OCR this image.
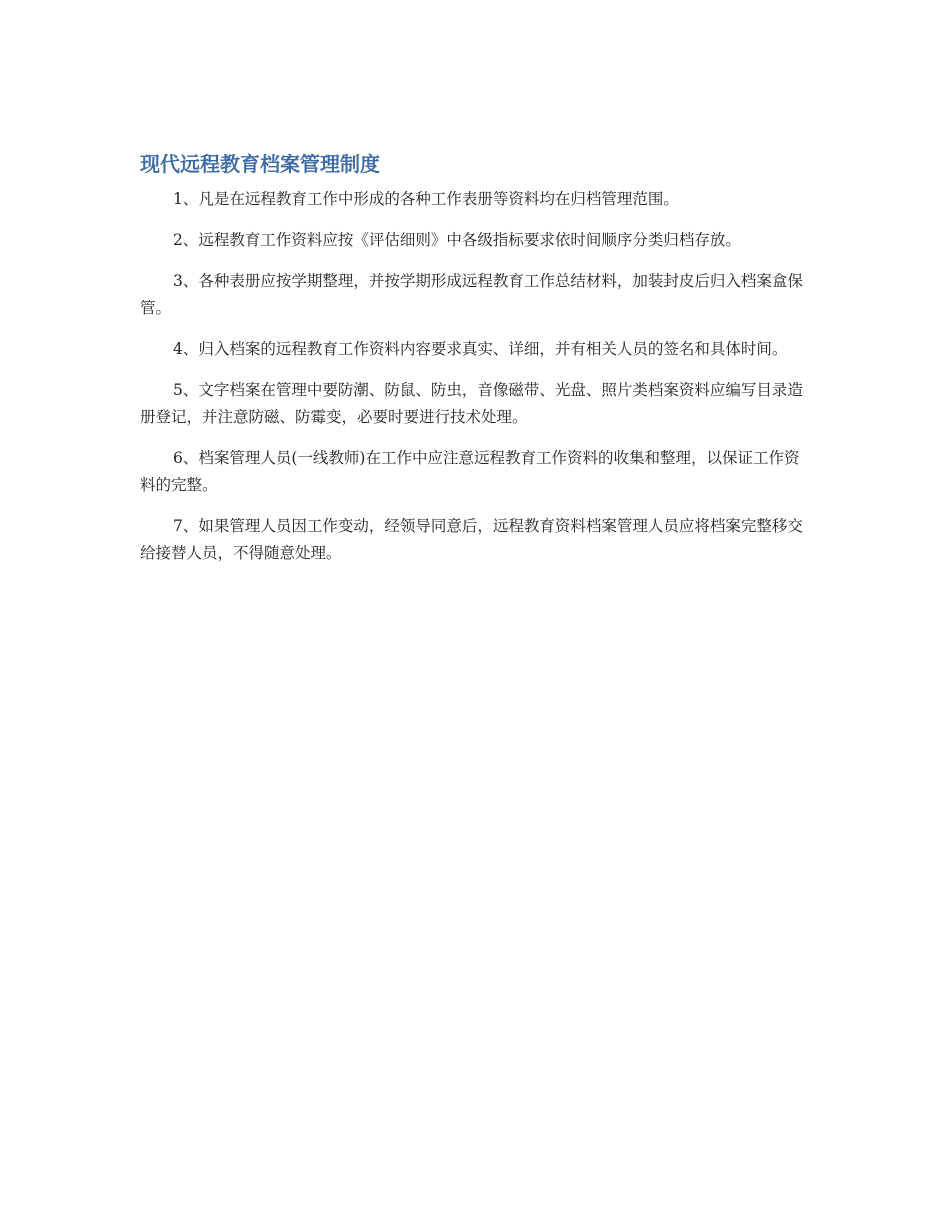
现代远程教育档案管理制度

1、凡是在远程教育工作中形成的各种工作表册等资料均在归档管理范围。

2、远程教育工作资料应按《评估细则》中各级指标要求依时间顺序分类归档存放。

3、各种表册应按学期整理，并按学期形成远程教育工作总结材料，加装封皮后归入档案盒保管。

4、归入档案的远程教育工作资料内容要求真实、详细，并有相关人员的签名和具体时间。

5、文字档案在管理中要防潮、防鼠、防虫，音像磁带、光盘、照片类档案资料应编写目录造册登记，并注意防磁、防霉变，必要时要进行技术处理。

6、档案管理人员(一线教师)在工作中应注意远程教育工作资料的收集和整理，以保证工作资料的完整。

7、如果管理人员因工作变动，经领导同意后，远程教育资料档案管理人员应将档案完整移交给接替人员，不得随意处理。
